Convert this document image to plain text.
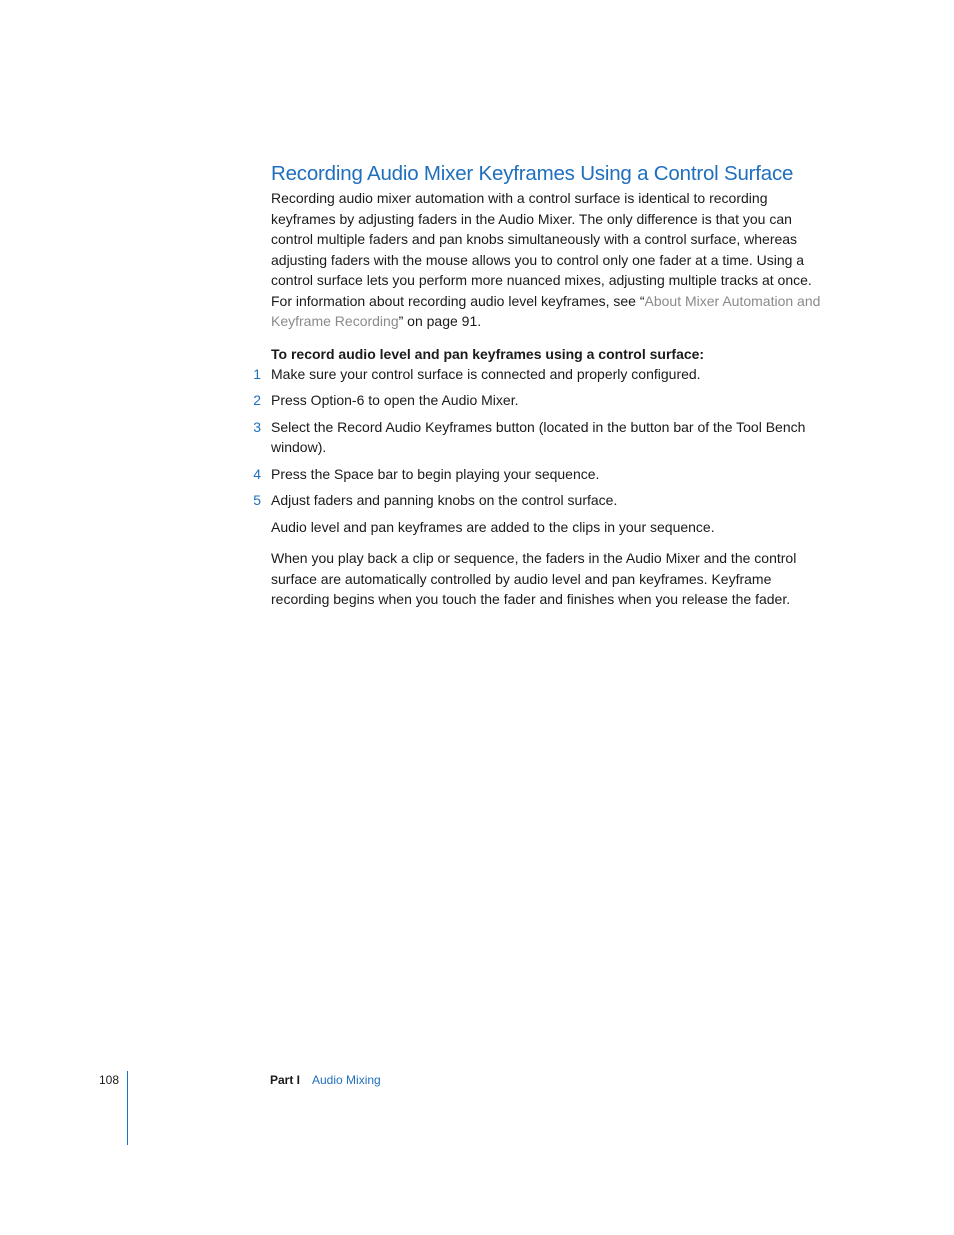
Recording Audio Mixer Keyframes Using a Control Surface

Recording audio mixer automation with a control surface is identical to recording keyframes by adjusting faders in the Audio Mixer. The only difference is that you can control multiple faders and pan knobs simultaneously with a control surface, whereas adjusting faders with the mouse allows you to control only one fader at a time. Using a control surface lets you perform more nuanced mixes, adjusting multiple tracks at once. For information about recording audio level keyframes, see “About Mixer Automation and Keyframe Recording” on page 91.

To record audio level and pan keyframes using a control surface:

1 Make sure your control surface is connected and properly configured.
2 Press Option-6 to open the Audio Mixer.
3 Select the Record Audio Keyframes button (located in the button bar of the Tool Bench window).
4 Press the Space bar to begin playing your sequence.
5 Adjust faders and panning knobs on the control surface.

Audio level and pan keyframes are added to the clips in your sequence.

When you play back a clip or sequence, the faders in the Audio Mixer and the control surface are automatically controlled by audio level and pan keyframes. Keyframe recording begins when you touch the fader and finishes when you release the fader.

108	Part I Audio Mixing
